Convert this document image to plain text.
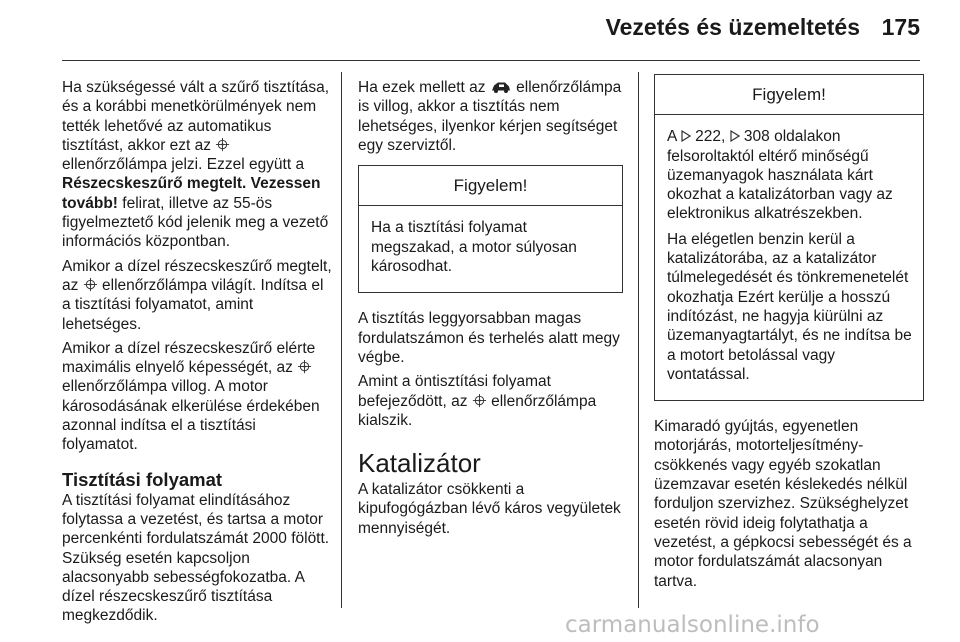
Vezetés és üzemeltetés 175

Ha szükségessé vált a szűrő tisztítása, és a korábbi menetkörülmények nem tették lehetővé az automatikus tisztítást, akkor ezt az  ellenőrzőlámpa jelzi. Ezzel együtt a Részecskeszűrő megtelt. Vezessen tovább! felirat, illetve az 55-ös figyelmeztető kód jelenik meg a vezető információs központban.

Amikor a dízel részecskeszűrő megtelt, az ellenőrzőlámpa világít. Indítsa el a tisztítási folyamatot, amint lehetséges.

Amikor a dízel részecskeszűrő elérte maximális elnyelő képességét, az  ellenőrzőlámpa villog. A motor károsodásának elkerülése érdekében azonnal indítsa el a tisztítási folyamatot.

Tisztítási folyamat

A tisztítási folyamat elindításához folytassa a vezetést, és tartsa a motor percenkénti fordulatszámát 2000 fölött. Szükség esetén kapcsoljon alacsonyabb sebességfokozatba. A dízel részecskeszűrő tisztítása megkezdődik.

Ha ezek mellett az ellenőrzőlámpa is villog, akkor a tisztítás nem lehetséges, ilyenkor kérjen segítséget egy szerviztől.

Figyelem!

Ha a tisztítási folyamat megszakad, a motor súlyosan károsodhat.

A tisztítás leggyorsabban magas fordulatszámon és terhelés alatt megy végbe.

Amint a öntisztítási folyamat befejeződött, az ellenőrzőlámpa kialszik.

Katalizátor

A katalizátor csökkenti a kipufogógázban lévő káros vegyületek mennyiségét.

Figyelem!

A 222, 308 oldalakon felsoroltaktól eltérő minőségű üzemanyagok használata kárt okozhat a katalizátorban vagy az elektronikus alkatrészekben.

Ha elégetlen benzin kerül a katalizátorába, az a katalizátor túlmelegedését és tönkremenetelét okozhatja Ezért kerülje a hosszú indítózást, ne hagyja kiürülni az üzemanyagtartályt, és ne indítsa be a motort betolással vagy vontatással.

Kimaradó gyújtás, egyenetlen motorjárás, motorteljesítmény-csökkenés vagy egyéb szokatlan üzemzavar esetén késlekedés nélkül forduljon szervizhez. Szükséghelyzet esetén rövid ideig folytathatja a vezetést, a gépkocsi sebességét és a motor fordulatszámát alacsonyan tartva.

carmanualsonline.info
